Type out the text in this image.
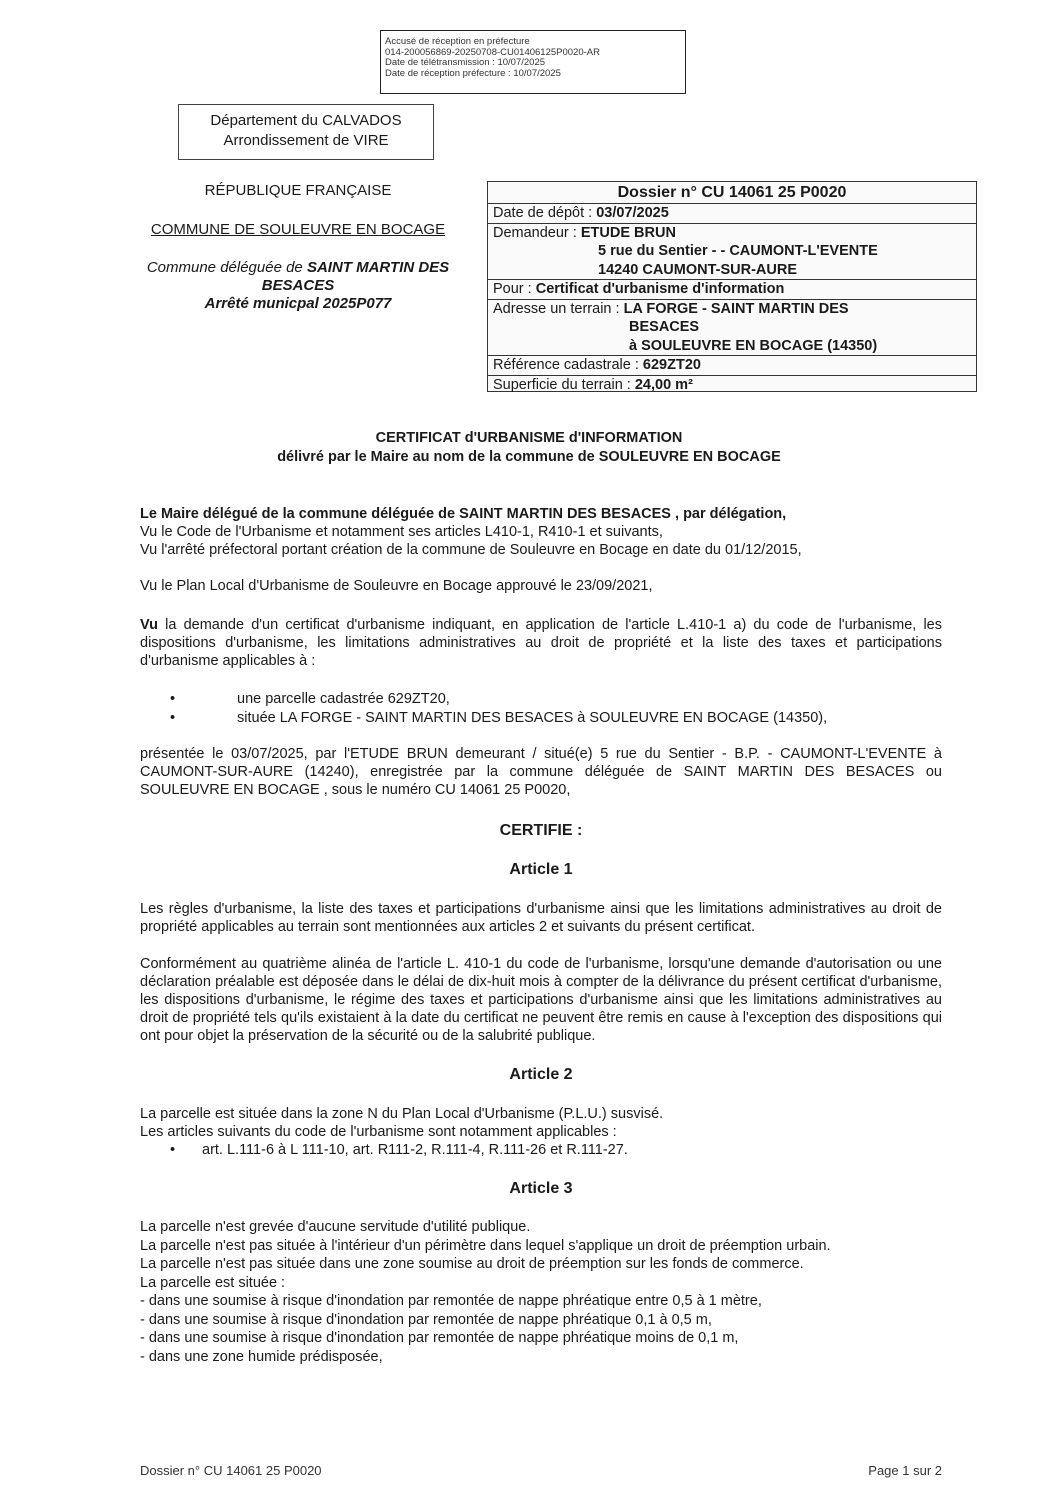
Accusé de réception en préfecture
014-200056869-20250708-CU01406125P0020-AR
Date de télétransmission : 10/07/2025
Date de réception préfecture : 10/07/2025
Département du CALVADOS
Arrondissement de VIRE
RÉPUBLIQUE FRANÇAISE
COMMUNE DE SOULEUVRE EN BOCAGE
Commune déléguée de SAINT MARTIN DES BESACES
Arrêté municpal 2025P077
Dossier n° CU 14061 25 P0020
Date de dépôt : 03/07/2025
Demandeur : ETUDE BRUN
5 rue du Sentier - - CAUMONT-L'EVENTE
14240 CAUMONT-SUR-AURE
Pour : Certificat d'urbanisme d'information
Adresse un terrain : LA FORGE - SAINT MARTIN DES
BESACES
à SOULEUVRE EN BOCAGE (14350)
Référence cadastrale : 629ZT20
Superficie du terrain : 24,00 m²
CERTIFICAT d'URBANISME d'INFORMATION
délivré par le Maire au nom de la commune de SOULEUVRE EN BOCAGE
Le Maire délégué de la commune déléguée de SAINT MARTIN DES BESACES , par délégation,
Vu le Code de l'Urbanisme et notamment ses articles L410-1, R410-1 et suivants,
Vu l'arrêté préfectoral portant création de la commune de Souleuvre en Bocage en date du 01/12/2015,
Vu le Plan Local d'Urbanisme de Souleuvre en Bocage approuvé le 23/09/2021,
Vu la demande d'un certificat d'urbanisme indiquant, en application de l'article L.410-1 a) du code de l'urbanisme, les dispositions d'urbanisme, les limitations administratives au droit de propriété et la liste des taxes et participations d'urbanisme applicables à :
•	une parcelle cadastrée 629ZT20,
•	située LA FORGE - SAINT MARTIN DES BESACES à SOULEUVRE EN BOCAGE (14350),
présentée le 03/07/2025, par l'ETUDE BRUN demeurant / situé(e) 5 rue du Sentier - B.P. - CAUMONT-L'EVENTE à CAUMONT-SUR-AURE (14240), enregistrée par la commune déléguée de SAINT MARTIN DES BESACES ou SOULEUVRE EN BOCAGE , sous le numéro CU 14061 25 P0020,
CERTIFIE :
Article 1
Les règles d'urbanisme, la liste des taxes et participations d'urbanisme ainsi que les limitations administratives au droit de propriété applicables au terrain sont mentionnées aux articles 2 et suivants du présent certificat.
Conformément au quatrième alinéa de l'article L. 410-1 du code de l'urbanisme, lorsqu'une demande d'autorisation ou une déclaration préalable est déposée dans le délai de dix-huit mois à compter de la délivrance du présent certificat d'urbanisme, les dispositions d'urbanisme, le régime des taxes et participations d'urbanisme ainsi que les limitations administratives au droit de propriété tels qu'ils existaient à la date du certificat ne peuvent être remis en cause à l'exception des dispositions qui ont pour objet la préservation de la sécurité ou de la salubrité publique.
Article 2
La parcelle est située dans la zone N du Plan Local d'Urbanisme (P.L.U.) susvisé.
Les articles suivants du code de l'urbanisme sont notamment applicables :
• art. L.111-6 à L 111-10, art. R111-2, R.111-4, R.111-26 et R.111-27.
Article 3
La parcelle n'est grevée d'aucune servitude d'utilité publique.
La parcelle n'est pas située à l'intérieur d'un périmètre dans lequel s'applique un droit de préemption urbain.
La parcelle n'est pas située dans une zone soumise au droit de préemption sur les fonds de commerce.
La parcelle est située :
- dans une soumise à risque d'inondation par remontée de nappe phréatique entre 0,5 à 1 mètre,
- dans une soumise à risque d'inondation par remontée de nappe phréatique 0,1 à 0,5 m,
- dans une soumise à risque d'inondation par remontée de nappe phréatique moins de 0,1 m,
- dans une zone humide prédisposée,
Dossier n° CU 14061 25 P0020	Page 1 sur 2
